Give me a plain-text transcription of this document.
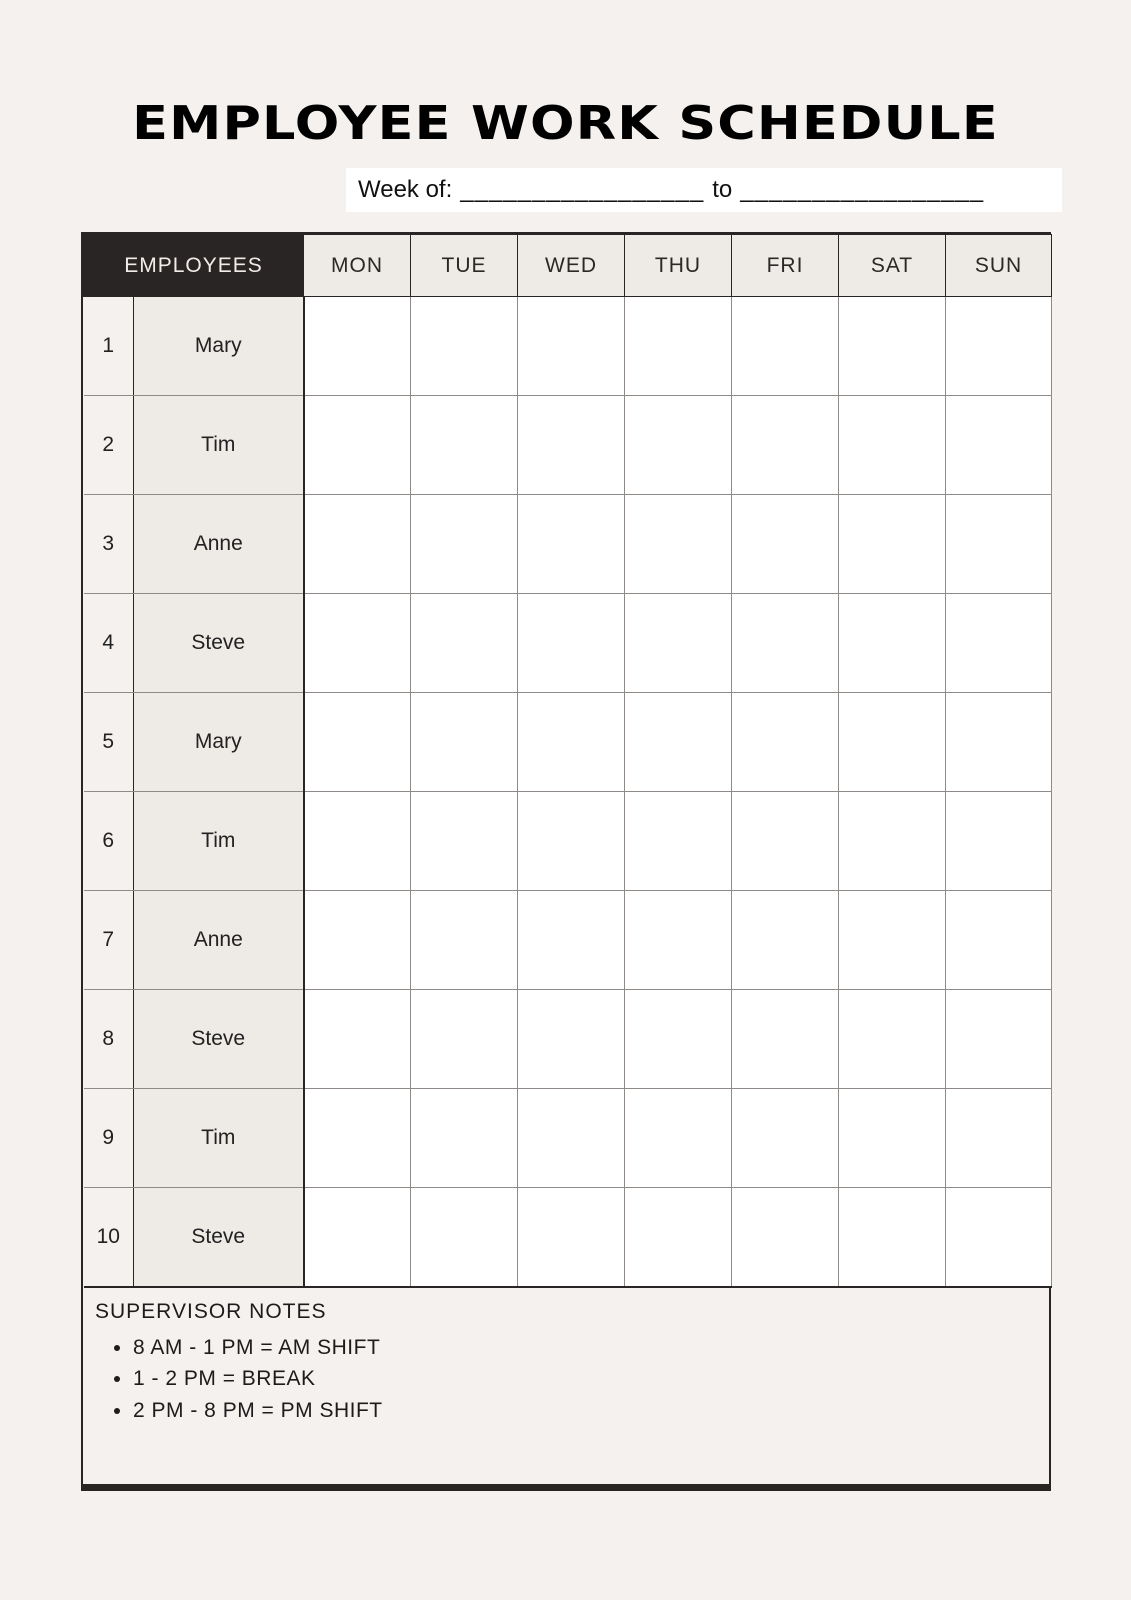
EMPLOYEE WORK SCHEDULE
Week of: _________________ to _________________
EMPLOYEES		MON	TUE	WED	THU	FRI	SAT	SUN
1	Mary							
2	Tim							
3	Anne							
4	Steve							
5	Mary							
6	Tim							
7	Anne							
8	Steve							
9	Tim							
10	Steve							
SUPERVISOR NOTES
• 8 AM - 1 PM = AM SHIFT
• 1 - 2 PM = BREAK
• 2 PM - 8 PM = PM SHIFT
